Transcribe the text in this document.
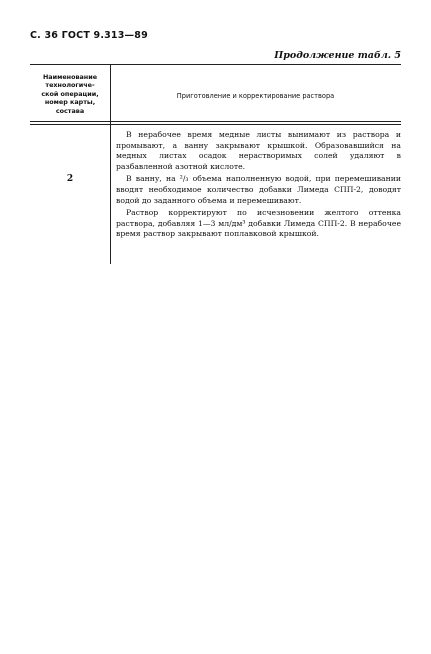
С. 36 ГОСТ 9.313—89
Продолжение табл. 5
Наименование
технологиче-
ской операции,
номер карты,
состава
Приготовление и корректирование раствора
2

В нерабочее время медные листы вынимают из раствора и промывают, а ванну закрывают крышкой. Образовавшийся на медных листах осадок нерастворимых солей удаляют в разбавленной азотной кислоте.

В ванну, на ²/₃ объема наполненную водой, при перемешивании вводят необходимое количество добавки Лимеда СПП-2, доводят водой до заданного объема и перемешивают.

Раствор корректируют по исчезновении желтого оттенка раствора, добавляя 1—3 мл/дм³ добавки Лимеда СПП-2. В нерабочее время раствор закрывают поплавковой крышкой.
